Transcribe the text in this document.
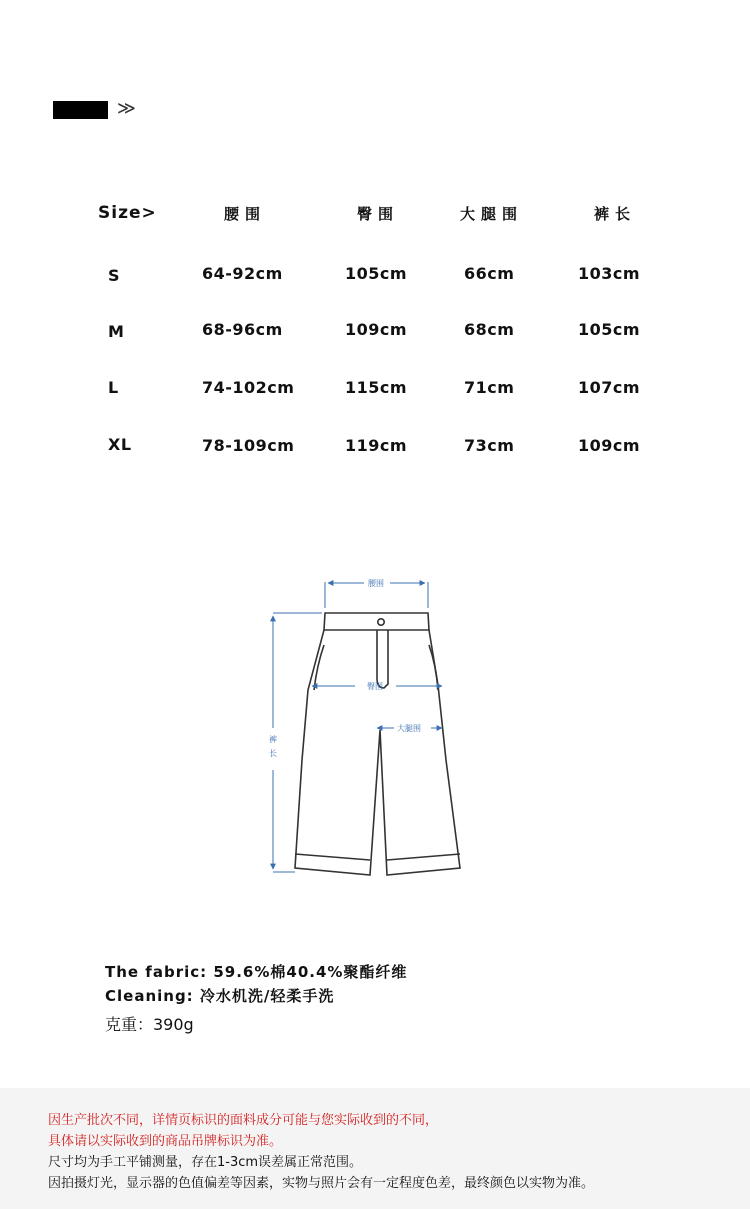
≫
Size>	腰围	臀围	大腿围	裤长
S	64-92cm	105cm	66cm	103cm
M	68-96cm	109cm	68cm	105cm
L	74-102cm	115cm	71cm	107cm
XL	78-109cm	119cm	73cm	109cm
腰围
臀围
大腿围
裤
长
The fabric: 59.6%棉40.4%聚酯纤维
Cleaning: 冷水机洗/轻柔手洗
克重：390g
因生产批次不同，详情页标识的面料成分可能与您实际收到的不同，
具体请以实际收到的商品吊牌标识为准。
尺寸均为手工平铺测量，存在1-3cm误差属正常范围。
因拍摄灯光，显示器的色值偏差等因素，实物与照片会有一定程度色差，最终颜色以实物为准。
